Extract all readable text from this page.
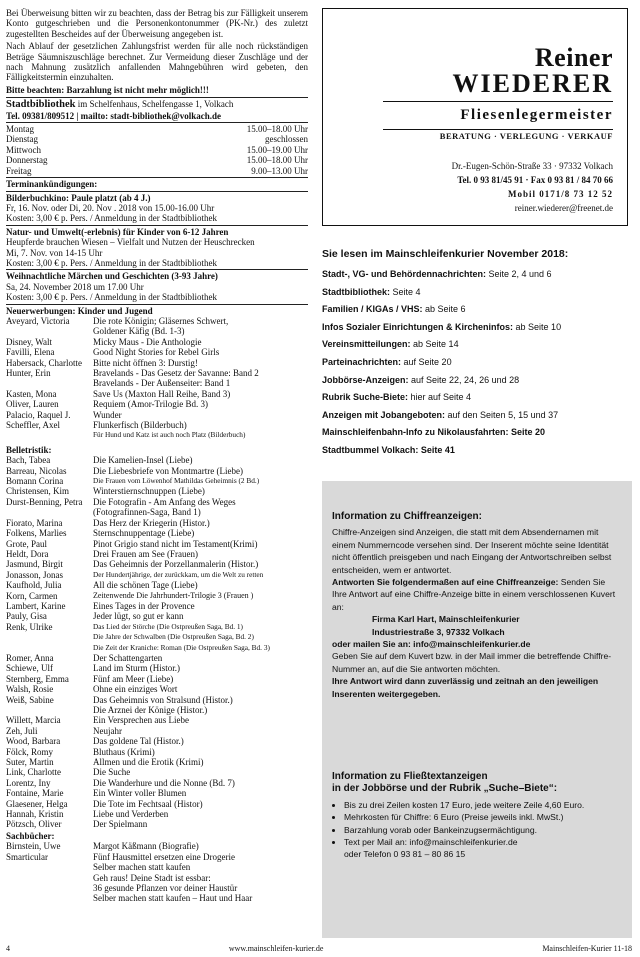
Bei Überweisung bitten wir zu beachten, dass der Betrag bis zur Fälligkeit unserem Konto gutgeschrieben und die Personenkontonummer (PK-Nr.) des zuletzt zugestellten Bescheides auf der Überweisung angegeben ist.

Nach Ablauf der gesetzlichen Zahlungsfrist werden für alle noch rückständigen Beträge Säumniszuschläge berechnet. Zur Vermeidung dieser Zuschläge und der nach Mahnung zusätzlich anfallenden Mahngebühren wird gebeten, den Fälligkeitstermin einzuhalten.

Bitte beachten: Barzahlung ist nicht mehr möglich!!!

Stadtbibliothek im Schelfenhaus, Schelfengasse 1, Volkach
Tel. 09381/809512 | mailto: stadt-bibliothek@volkach.de
Montag	15.00–18.00 Uhr
Dienstag	geschlossen
Mittwoch	15.00–19.00 Uhr
Donnerstag	15.00–18.00 Uhr
Freitag	9.00–13.00 Uhr
Terminankündigungen:
Bilderbuchkino: Paule platzt (ab 4 J.)
Fr, 16. Nov. oder Di, 20. Nov . 2018 von 15.00-16.00 Uhr
Kosten: 3,00 € p. Pers. / Anmeldung in der Stadtbibliothek
Natur- und Umwelt(-erlebnis) für Kinder von 6-12 Jahren
Heupferde brauchen Wiesen – Vielfalt und Nutzen der Heuschrecken
Mi, 7. Nov. von 14-15 Uhr
Kosten: 3,00 € p. Pers. / Anmeldung in der Stadtbibliothek
Weihnachtliche Märchen und Geschichten (3-93 Jahre)
Sa, 24. November 2018 um 17.00 Uhr
Kosten: 3,00 € p. Pers. / Anmeldung in der Stadtbibliothek
Neuerwerbungen: Kinder und Jugend
Aveyard, Victoria	Die rote Königin; Gläsernes Schwert,
Goldener Käfig (Bd. 1-3)
Disney, Walt	Micky Maus - Die Anthologie
Favilli, Elena	Good Night Stories for Rebel Girls
Habersack, Charlotte	Bitte nicht öffnen 3: Durstig!
Hunter, Erin	Bravelands - Das Gesetz der Savanne: Band 2
Bravelands - Der Außenseiter: Band 1
Kasten, Mona	Save Us (Maxton Hall Reihe, Band 3)
Oliver, Lauren	Requiem (Amor-Trilogie Bd. 3)
Palacio, Raquel J.	Wunder
Scheffler, Axel	Flunkerfisch (Bilderbuch)
Für Hund und Katz ist auch noch Platz (Bilderbuch)
Belletristik:
Bach, Tabea	Die Kamelien-Insel (Liebe)
Barreau, Nicolas	Die Liebesbriefe von Montmartre (Liebe)
Bomann Corina	Die Frauen vom Löwenhof Mathildas Geheimnis (2 Bd.)
Christensen, Kim	Winterstiernschnuppen (Liebe)
Durst-Benning, Petra	Die Fotografin - Am Anfang des Weges
(Fotografinnen-Saga, Band 1)
Fiorato, Marina	Das Herz der Kriegerin (Histor.)
Folkens, Marlies	Sternschnuppentage (Liebe)
Grote, Paul	Pinot Grigio stand nicht im Testament(Krimi)
Heldt, Dora	Drei Frauen am See (Frauen)
Jasmund, Birgit	Das Geheimnis der Porzellanmalerin (Histor.)
Jonasson, Jonas	Der Hundertjährige, der zurückkam, um die Welt zu retten
Kaufhold, Julia	All die schönen Tage (Liebe)
Korn, Carmen	Zeitenwende Die Jahrhundert-Trilogie 3 (Frauen )
Lambert, Karine	Eines Tages in der Provence
Pauly, Gisa	Jeder lügt, so gut er kann
Renk, Ulrike	Das Lied der Störche (Die Ostpreußen Saga, Bd. 1)
Die Jahre der Schwalben (Die Ostpreußen Saga, Bd. 2)
Die Zeit der Kraniche: Roman (Die Ostpreußen Saga, Bd. 3)
Romer, Anna	Der Schattengarten
Schiewe, Ulf	Land im Sturm (Histor.)
Sternberg, Emma	Fünf am Meer (Liebe)
Walsh, Rosie	Ohne ein einziges Wort
Weiß, Sabine	Das Geheimnis von Stralsund (Histor.)
Die Arznei der Könige (Histor.)
Willett, Marcia	Ein Versprechen aus Liebe
Zeh, Juli	Neujahr
Wood, Barbara	Das goldene Tal (Histor.)
Fölck, Romy	Bluthaus (Krimi)
Suter, Martin	Allmen und die Erotik (Krimi)
Link, Charlotte	Die Suche
Lorentz, Iny	Die Wanderhure und die Nonne (Bd. 7)
Fontaine, Marie	Ein Winter voller Blumen
Glaesener, Helga	Die Tote im Fechtsaal (Histor)
Hannah, Kristin	Liebe und Verderben
Pötzsch, Oliver	Der Spielmann
Sachbücher:
Birnstein, Uwe	Margot Käßmann (Biografie)
Smarticular	Fünf Hausmittel ersetzen eine Drogerie
Selber machen statt kaufen
Geh raus! Deine Stadt ist essbar:
36 gesunde Pflanzen vor deiner Haustür
Selber machen statt kaufen – Haut und Haar
Reiner
WIEDERER
Fliesenlegermeister
BERATUNG · VERLEGUNG · VERKAUF
Dr.-Eugen-Schön-Straße 33 · 97332 Volkach
Tel. 0 93 81/45 91 · Fax 0 93 81 / 84 70 66
Mobil 0171/8 73 12 52
reiner.wiederer@freenet.de
Sie lesen im Mainschleifenkurier November 2018:
Stadt-, VG- und Behördennachrichten: Seite 2, 4 und 6
Stadtbibliothek: Seite 4
Familien / KIGAs / VHS: ab Seite 6
Infos Sozialer Einrichtungen & Kircheninfos: ab Seite 10
Vereinsmitteilungen: ab Seite 14
Parteinachrichten: auf Seite 20
Jobbörse-Anzeigen: auf Seite 22, 24, 26 und 28
Rubrik Suche-Biete: hier auf Seite 4
Anzeigen mit Jobangeboten: auf den Seiten 5, 15 und 37
Mainschleifenbahn-Info zu Nikolausfahrten: Seite 20
Stadtbummel Volkach: Seite 41
Information zu Chiffreanzeigen:
Chiffre-Anzeigen sind Anzeigen, die statt mit dem Absendernamen mit einem Nummerncode versehen sind. Der Inserent möchte seine Identität nicht öffentlich preisgeben und nach Eingang der Antwortschreiben selbst entscheiden, wem er antwortet.
Antworten Sie folgendermaßen auf eine Chiffreanzeige: Senden Sie Ihre Antwort auf eine Chiffre-Anzeige bitte in einem verschlossenen Kuvert an:
Firma Karl Hart, Mainschleifenkurier
Industriestraße 3, 97332 Volkach
oder mailen Sie an: info@mainschleifenkurier.de
Geben Sie auf dem Kuvert bzw. in der Mail immer die betreffende Chiffre-Nummer an, auf die Sie antworten möchten.
Ihre Antwort wird dann zuverlässig und zeitnah an den jeweiligen Inserenten weitergegeben.
Information zu Fließtextanzeigen
in der Jobbörse und der Rubrik „Suche–Biete“:
• Bis zu drei Zeilen kosten 17 Euro, jede weitere Zeile 4,60 Euro.
• Mehrkosten für Chiffre: 6 Euro (Preise jeweils inkl. MwSt.)
• Barzahlung vorab oder Bankeinzugsermächtigung.
• Text per Mail an: info@mainschleifenkurier.de
oder Telefon 0 93 81 – 80 86 15
4	www.mainschleifen-kurier.de	Mainschleifen-Kurier 11-18
